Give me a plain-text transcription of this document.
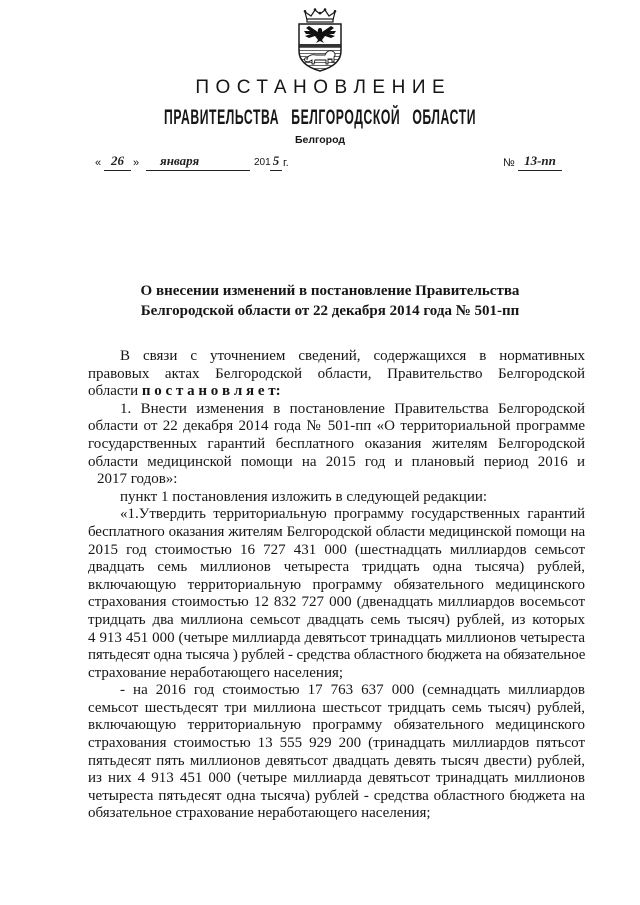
ПОСТАНОВЛЕНИЕ
ПРАВИТЕЛЬСТВА БЕЛГОРОДСКОЙ ОБЛАСТИ
Белгород
« 26 »	января	201 5 г.	№ 13-пп
О внесении изменений в постановление Правительства
Белгородской области от 22 декабря 2014 года № 501-пп
В связи с уточнением сведений, содержащихся в нормативных
правовых актах Белгородской области, Правительство Белгородской
области п о с т а н о в л я е т:
1. Внести изменения в постановление Правительства Белгородской
области от 22 декабря 2014 года № 501-пп «О территориальной программе
государственных гарантий бесплатного оказания жителям Белгородской
области медицинской помощи на 2015 год и плановый период 2016 и
2017 годов»:
пункт 1 постановления изложить в следующей редакции:
«1.Утвердить территориальную программу государственных гарантий
бесплатного оказания жителям Белгородской области медицинской помощи на
2015 год стоимостью 16 727 431 000 (шестнадцать миллиардов семьсот
двадцать семь миллионов четыреста тридцать одна тысяча) рублей,
включающую территориальную программу обязательного медицинского
страхования стоимостью 12 832 727 000 (двенадцать миллиардов восемьсот
тридцать два миллиона семьсот двадцать семь тысяч) рублей, из которых
4 913 451 000 (четыре миллиарда девятьсот тринадцать миллионов четыреста
пятьдесят одна тысяча ) рублей - средства областного бюджета на обязательное
страхование неработающего населения;
- на 2016 год стоимостью 17 763 637 000 (семнадцать миллиардов
семьсот шестьдесят три миллиона шестьсот тридцать семь тысяч) рублей,
включающую территориальную программу обязательного медицинского
страхования стоимостью 13 555 929 200 (тринадцать миллиардов пятьсот
пятьдесят пять миллионов девятьсот двадцать девять тысяч двести) рублей,
из них 4 913 451 000 (четыре миллиарда девятьсот тринадцать миллионов
четыреста пятьдесят одна тысяча) рублей - средства областного бюджета на
обязательное страхование неработающего населения;
